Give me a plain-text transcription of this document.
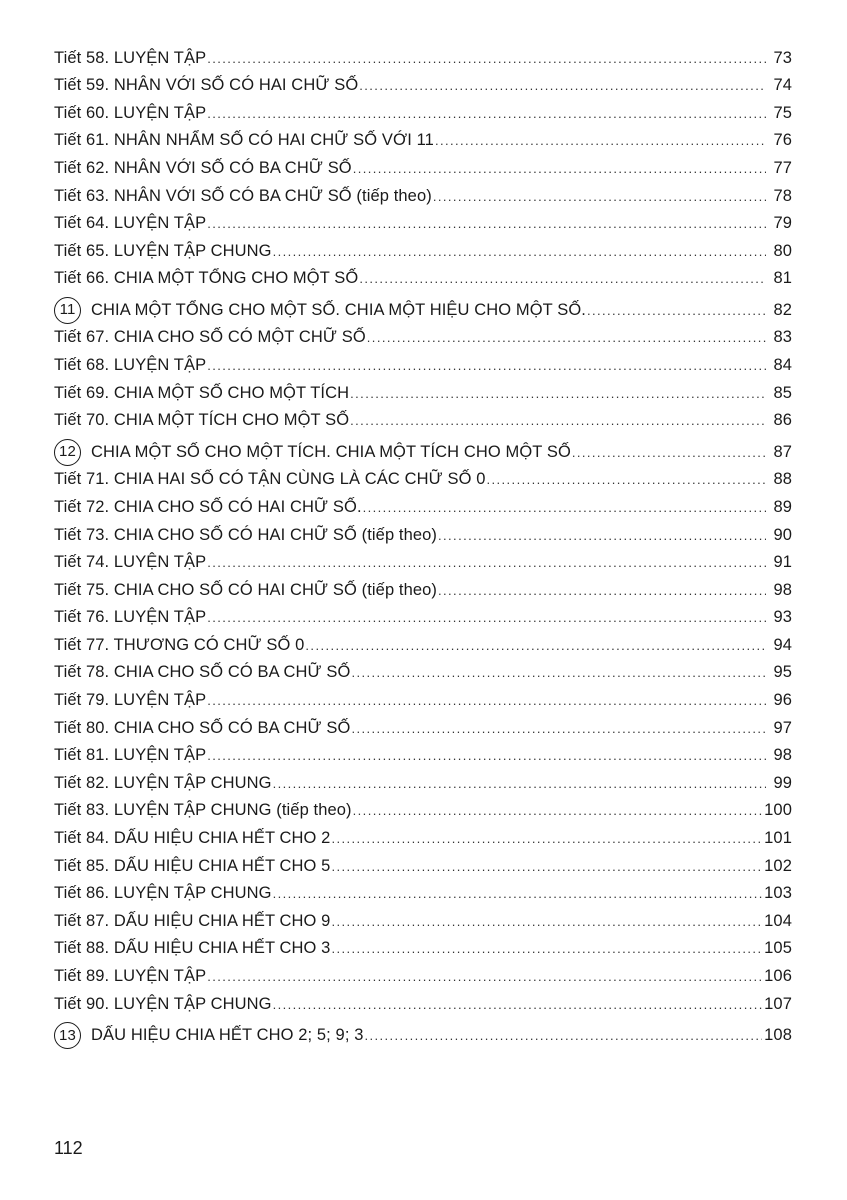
Tiết 58. LUYỆN TẬP .....	73
Tiết 59. NHÂN VỚI SỐ CÓ HAI CHỮ SỐ .....	74
Tiết 60. LUYỆN TẬP .....	75
Tiết 61. NHÂN NHẨM SỐ CÓ HAI CHỮ SỐ VỚI 11 .....	76
Tiết 62. NHÂN VỚI SỐ CÓ BA CHỮ SỐ .....	77
Tiết 63. NHÂN VỚI SỐ CÓ BA CHỮ SỐ (tiếp theo) .....	78
Tiết 64. LUYỆN TẬP .....	79
Tiết 65. LUYỆN TẬP CHUNG .....	80
Tiết 66. CHIA MỘT TỔNG CHO MỘT SỐ .....	81
11 CHIA MỘT TỔNG CHO MỘT SỐ. CHIA MỘT HIỆU CHO MỘT SỐ. .....	82
Tiết 67. CHIA CHO SỐ CÓ MỘT CHỮ SỐ .....	83
Tiết 68. LUYỆN TẬP .....	84
Tiết 69. CHIA MỘT SỐ CHO MỘT TÍCH .....	85
Tiết 70. CHIA MỘT TÍCH CHO MỘT SỐ .....	86
12 CHIA MỘT SỐ CHO MỘT TÍCH. CHIA MỘT TÍCH CHO MỘT SỐ .....	87
Tiết 71. CHIA HAI SỐ CÓ TẬN CÙNG LÀ CÁC CHỮ SỐ 0 .....	88
Tiết 72. CHIA CHO SỐ CÓ HAI CHỮ SỐ. .....	89
Tiết 73. CHIA CHO SỐ CÓ HAI CHỮ SỐ (tiếp theo) .....	90
Tiết 74. LUYỆN TẬP .....	91
Tiết 75. CHIA CHO SỐ CÓ HAI CHỮ SỐ (tiếp theo) .....	98
Tiết 76. LUYỆN TẬP .....	93
Tiết 77. THƯƠNG CÓ CHỮ SỐ 0 .....	94
Tiết 78. CHIA CHO SỐ CÓ BA CHỮ SỐ .....	95
Tiết 79. LUYỆN TẬP .....	96
Tiết 80. CHIA CHO SỐ CÓ BA CHỮ SỐ .....	97
Tiết 81. LUYỆN TẬP .....	98
Tiết 82. LUYỆN TẬP CHUNG .....	99
Tiết 83. LUYỆN TẬP CHUNG (tiếp theo) .....	100
Tiết 84. DẤU HIỆU CHIA HẾT CHO 2 .....	101
Tiết 85. DẤU HIỆU CHIA HẾT CHO 5 .....	102
Tiết 86. LUYỆN TẬP CHUNG .....	103
Tiết 87. DẤU HIỆU CHIA HẾT CHO 9 .....	104
Tiết 88. DẤU HIỆU CHIA HẾT CHO 3 .....	105
Tiết 89. LUYỆN TẬP .....	106
Tiết 90. LUYỆN TẬP CHUNG .....	107
13 DẤU HIỆU CHIA HẾT CHO 2; 5; 9; 3 .....	108
112
